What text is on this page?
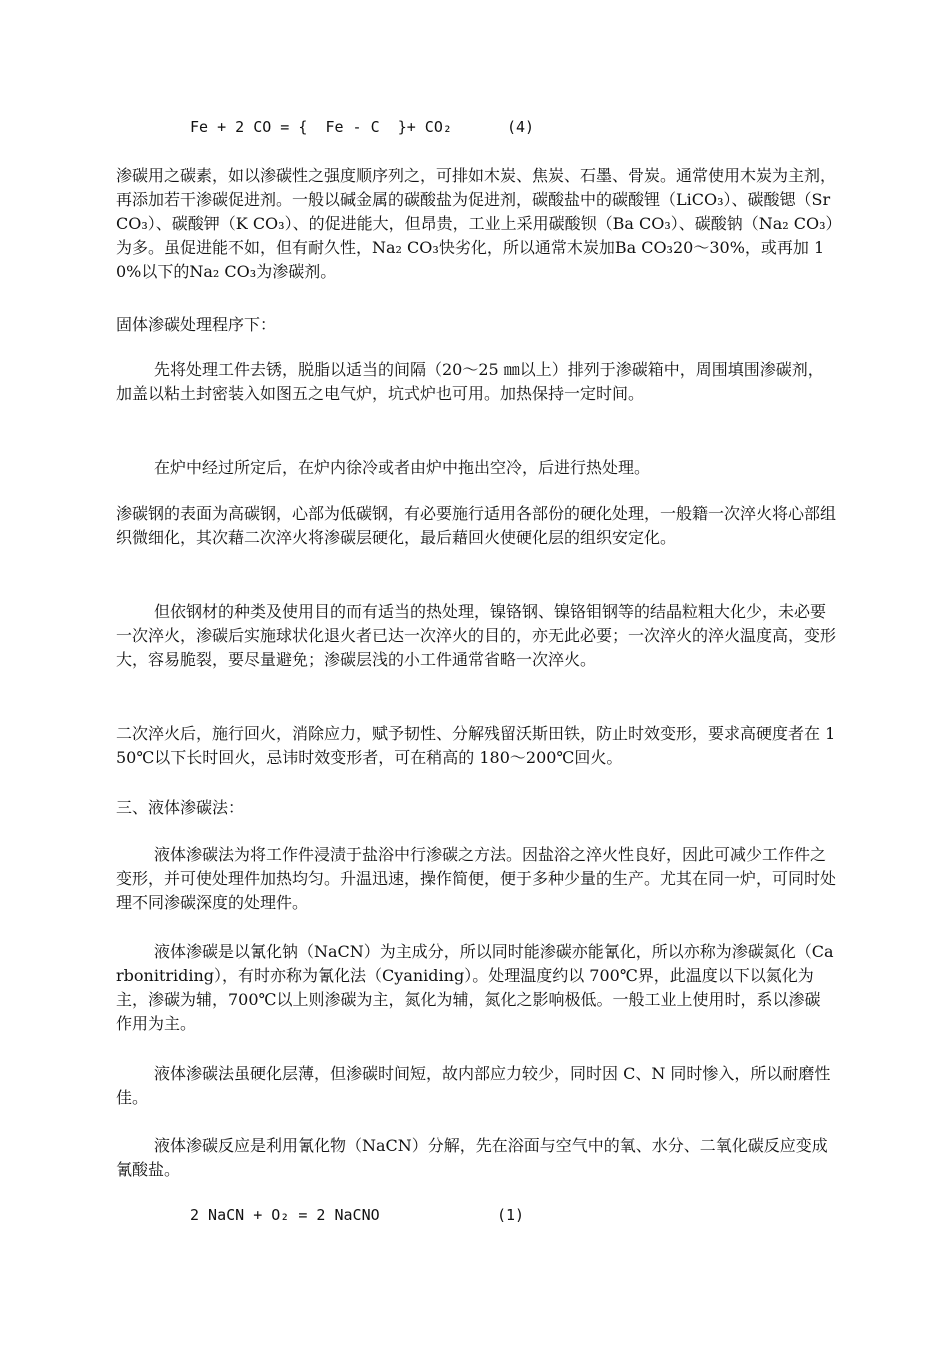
Fe + 2 CO = {  Fe - C  }+ CO₂	(4)

渗碳用之碳素，如以渗碳性之强度顺序列之，可排如木炭、焦炭、石墨、骨炭。通常使用木炭为主剂，再添加若干渗碳促进剂。一般以碱金属的碳酸盐为促进剂，碳酸盐中的碳酸锂（LiCO₃）、碳酸锶（Sr CO₃）、碳酸钾（K CO₃）、的促进能大，但昂贵，工业上采用碳酸钡（Ba CO₃）、碳酸钠（Na₂ CO₃）为多。虽促进能不如，但有耐久性，Na₂ CO₃快劣化，所以通常木炭加Ba CO₃20～30%，或再加 10%以下的Na₂ CO₃为渗碳剂。

固体渗碳处理程序下：

先将处理工件去锈，脱脂以适当的间隔（20～25 ㎜以上）排列于渗碳箱中，周围填围渗碳剂，加盖以粘土封密装入如图五之电气炉，坑式炉也可用。加热保持一定时间。

在炉中经过所定后，在炉内徐冷或者由炉中拖出空冷，后进行热处理。

渗碳钢的表面为高碳钢，心部为低碳钢，有必要施行适用各部份的硬化处理，一般籍一次淬火将心部组织微细化，其次藉二次淬火将渗碳层硬化，最后藉回火使硬化层的组织安定化。

但依钢材的种类及使用目的而有适当的热处理，镍铬钢、镍铬钼钢等的结晶粒粗大化少，未必要一次淬火，渗碳后实施球状化退火者已达一次淬火的目的，亦无此必要；一次淬火的淬火温度高，变形大，容易脆裂，要尽量避免；渗碳层浅的小工件通常省略一次淬火。

二次淬火后，施行回火，消除应力，赋予韧性、分解残留沃斯田铁，防止时效变形，要求高硬度者在 150℃以下长时回火，忌讳时效变形者，可在稍高的 180～200℃回火。

三、液体渗碳法：

液体渗碳法为将工作件浸渍于盐浴中行渗碳之方法。因盐浴之淬火性良好，因此可减少工作件之变形，并可使处理件加热均匀。升温迅速，操作简便，便于多种少量的生产。尤其在同一炉，可同时处理不同渗碳深度的处理件。

液体渗碳是以氰化钠（NaCN）为主成分，所以同时能渗碳亦能氰化，所以亦称为渗碳氮化（Carbonitriding），有时亦称为氰化法（Cyaniding）。处理温度约以 700℃界，此温度以下以氮化为主，渗碳为辅，700℃以上则渗碳为主，氮化为辅，氮化之影响极低。一般工业上使用时，系以渗碳作用为主。

液体渗碳法虽硬化层薄，但渗碳时间短，故内部应力较少，同时因 C、N 同时惨入，所以耐磨性佳。

液体渗碳反应是利用氰化物（NaCN）分解，先在浴面与空气中的氧、水分、二氧化碳反应变成氰酸盐。

2 NaCN + O₂ = 2 NaCNO	(1)
